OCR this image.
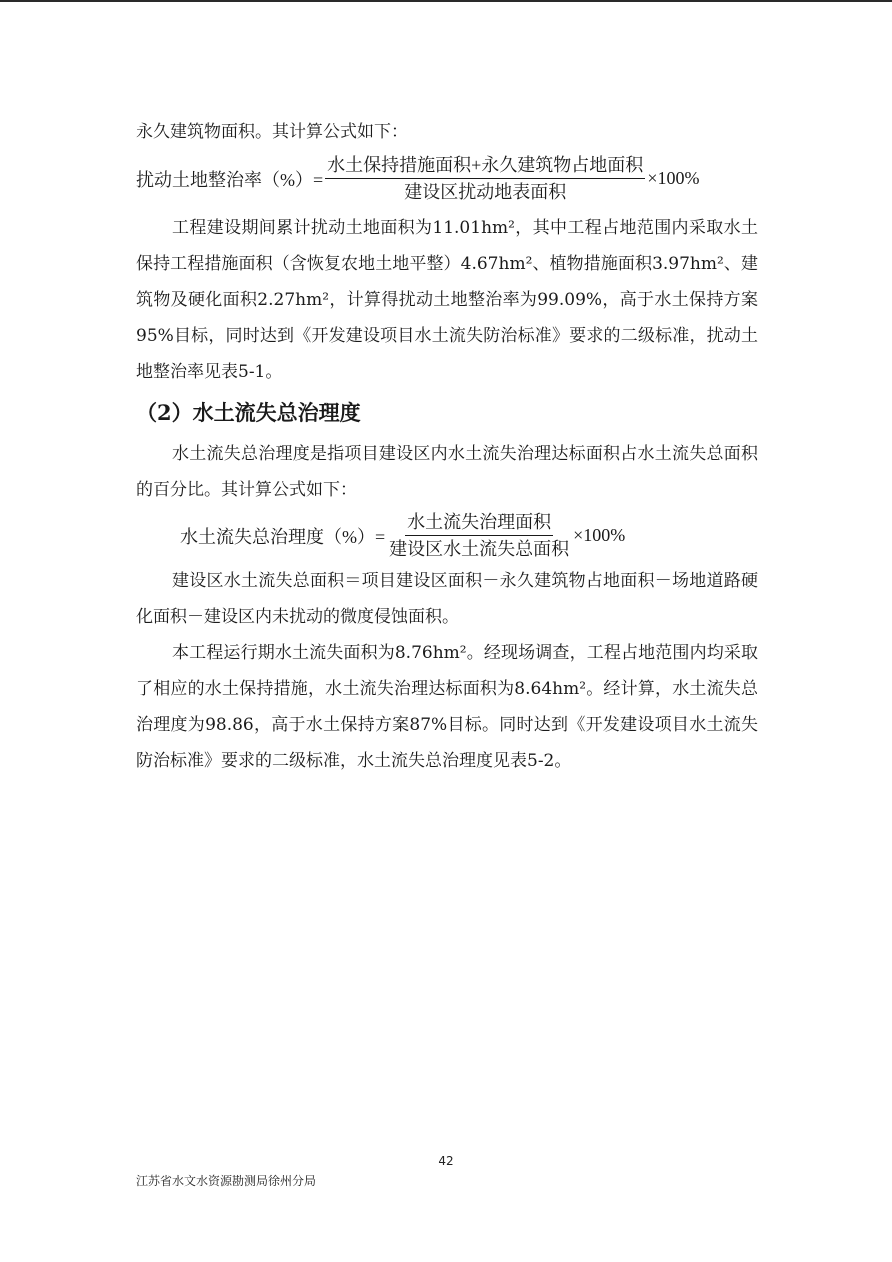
永久建筑物面积。其计算公式如下：

扰动土地整治率（%）= $\frac{\text{水土保持措施面积+永久建筑物占地面积}}{\text{建设区扰动地表面积}} \times 100\%$

工程建设期间累计扰动土地面积为11.01hm²，其中工程占地范围内采取水土保持工程措施面积（含恢复农地土地平整）4.67hm²、植物措施面积3.97hm²、建筑物及硬化面积2.27hm²，计算得扰动土地整治率为99.09%，高于水土保持方案95%目标，同时达到《开发建设项目水土流失防治标准》要求的二级标准，扰动土地整治率见表5-1。

（2）水土流失总治理度

水土流失总治理度是指项目建设区内水土流失治理达标面积占水土流失总面积的百分比。其计算公式如下：

水土流失总治理度（%）= $\frac{\text{水土流失治理面积}}{\text{建设区水土流失总面积}} \times 100\%$

建设区水土流失总面积＝项目建设区面积－永久建筑物占地面积－场地道路硬化面积－建设区内未扰动的微度侵蚀面积。

本工程运行期水土流失面积为8.76hm²。经现场调查，工程占地范围内均采取了相应的水土保持措施，水土流失治理达标面积为8.64hm²。经计算，水土流失总治理度为98.86，高于水土保持方案87%目标。同时达到《开发建设项目水土流失防治标准》要求的二级标准，水土流失总治理度见表5-2。

42
江苏省水文水资源勘测局徐州分局
